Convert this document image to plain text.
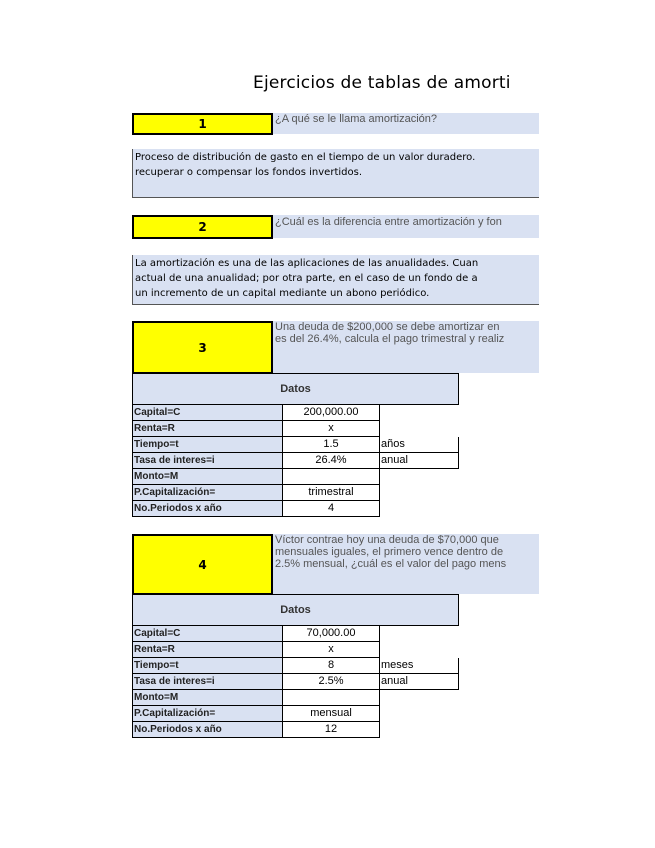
Ejercicios de tablas de amorti
1	¿A qué se le llama amortización?
Proceso de distribución de gasto en el tiempo de un valor duradero.
recuperar o compensar los fondos invertidos.
2	¿Cuál es la diferencia entre amortización y fon
La amortización es una de las aplicaciones de las anualidades. Cuan
actual de una anualidad; por otra parte, en el caso de un fondo de a
un incremento de un capital mediante un abono periódico.
3
Una deuda de $200,000 se debe amortizar en
es del 26.4%, calcula el pago trimestral y realiz
Datos
Capital=C	200,000.00
Renta=R	x
Tiempo=t	1.5	años
Tasa de interes=i	26.4%	anual
Monto=M
P.Capitalización=	trimestral
No.Periodos x año	4
4
Víctor contrae hoy una deuda de $70,000 que
mensuales iguales, el primero vence dentro de
2.5% mensual, ¿cuál es el valor del pago mens
Datos
Capital=C	70,000.00
Renta=R	x
Tiempo=t	8	meses
Tasa de interes=i	2.5%	anual
Monto=M
P.Capitalización=	mensual
No.Periodos x año	12
